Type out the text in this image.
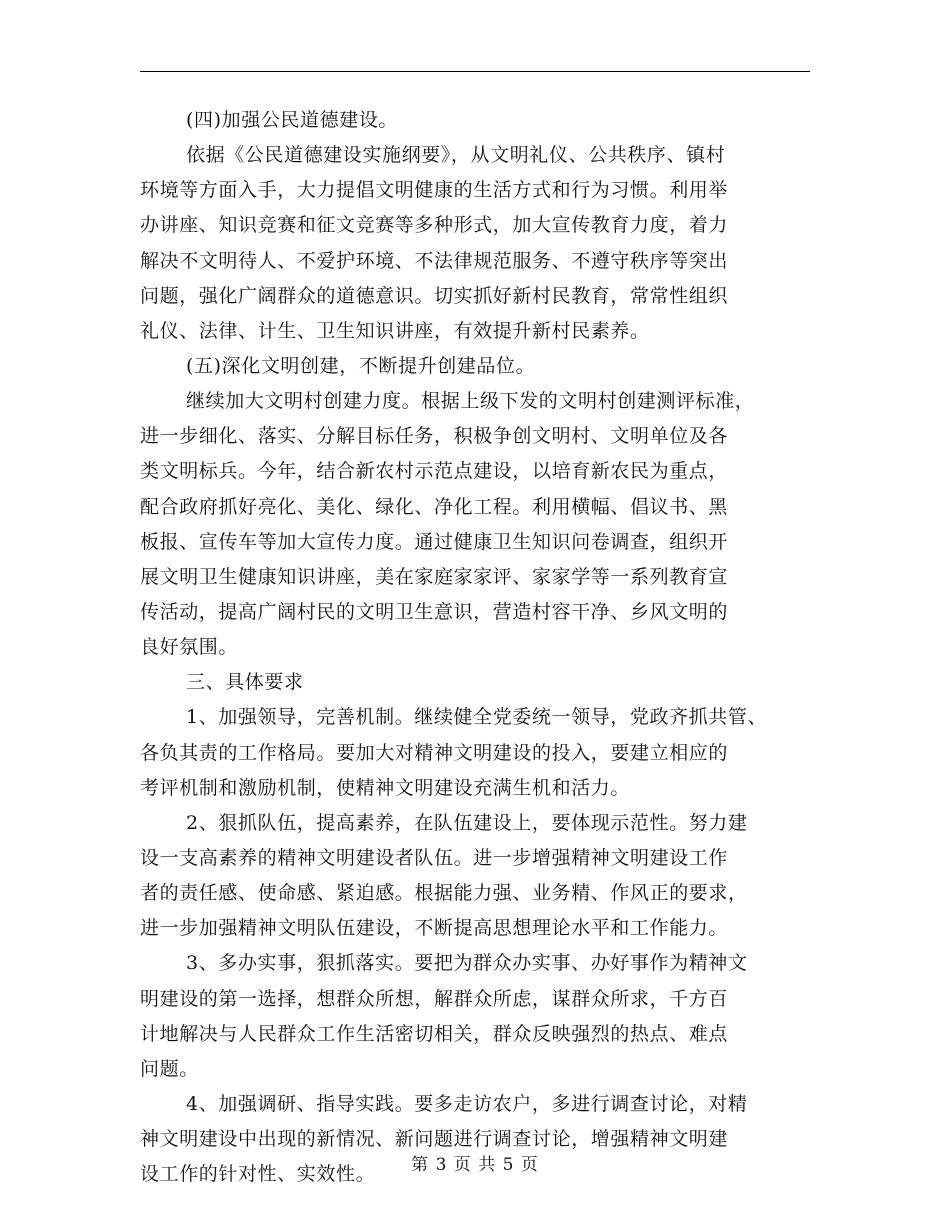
(四)加强公民道德建设。
依据《公民道德建设实施纲要》，从文明礼仪、公共秩序、镇村
环境等方面入手，大力提倡文明健康的生活方式和行为习惯。利用举
办讲座、知识竞赛和征文竞赛等多种形式，加大宣传教育力度，着力
解决不文明待人、不爱护环境、不法律规范服务、不遵守秩序等突出
问题，强化广阔群众的道德意识。切实抓好新村民教育，常常性组织
礼仪、法律、计生、卫生知识讲座，有效提升新村民素养。
(五)深化文明创建，不断提升创建品位。
继续加大文明村创建力度。根据上级下发的文明村创建测评标准，
进一步细化、落实、分解目标任务，积极争创文明村、文明单位及各
类文明标兵。今年，结合新农村示范点建设，以培育新农民为重点，
配合政府抓好亮化、美化、绿化、净化工程。利用横幅、倡议书、黑
板报、宣传车等加大宣传力度。通过健康卫生知识问卷调查，组织开
展文明卫生健康知识讲座，美在家庭家家评、家家学等一系列教育宣
传活动，提高广阔村民的文明卫生意识，营造村容干净、乡风文明的
良好氛围。
三、具体要求
1、加强领导，完善机制。继续健全党委统一领导，党政齐抓共管、
各负其责的工作格局。要加大对精神文明建设的投入，要建立相应的
考评机制和激励机制，使精神文明建设充满生机和活力。
2、狠抓队伍，提高素养，在队伍建设上，要体现示范性。努力建
设一支高素养的精神文明建设者队伍。进一步增强精神文明建设工作
者的责任感、使命感、紧迫感。根据能力强、业务精、作风正的要求，
进一步加强精神文明队伍建设，不断提高思想理论水平和工作能力。
3、多办实事，狠抓落实。要把为群众办实事、办好事作为精神文
明建设的第一选择，想群众所想，解群众所虑，谋群众所求，千方百
计地解决与人民群众工作生活密切相关，群众反映强烈的热点、难点
问题。
4、加强调研、指导实践。要多走访农户，多进行调查讨论，对精
神文明建设中出现的新情况、新问题进行调查讨论，增强精神文明建
设工作的针对性、实效性。	第 3 页 共 5 页
